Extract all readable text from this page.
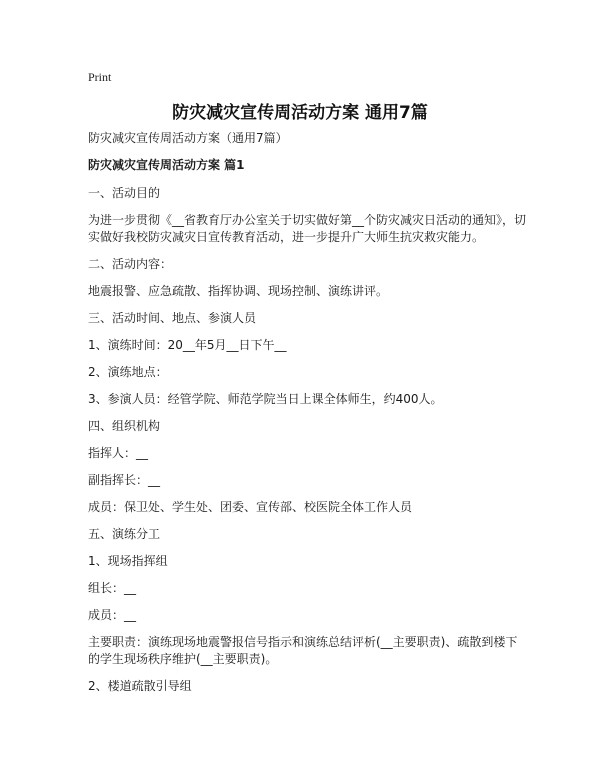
Print
防灾减灾宣传周活动方案 通用7篇

防灾减灾宣传周活动方案（通用7篇）

防灾减灾宣传周活动方案 篇1

一、活动目的

为进一步贯彻《__省教育厅办公室关于切实做好第__个防灾减灾日活动的通知》，切实做好我校防灾减灾日宣传教育活动，进一步提升广大师生抗灾救灾能力。

二、活动内容：

地震报警、应急疏散、指挥协调、现场控制、演练讲评。

三、活动时间、地点、参演人员

1、演练时间：20__年5月__日下午__

2、演练地点：

3、参演人员：经管学院、师范学院当日上课全体师生，约400人。

四、组织机构

指挥人：__

副指挥长：__

成员：保卫处、学生处、团委、宣传部、校医院全体工作人员

五、演练分工

1、现场指挥组

组长：__

成员：__

主要职责：演练现场地震警报信号指示和演练总结评析(__主要职责)、疏散到楼下的学生现场秩序维护(__主要职责)。

2、楼道疏散引导组
